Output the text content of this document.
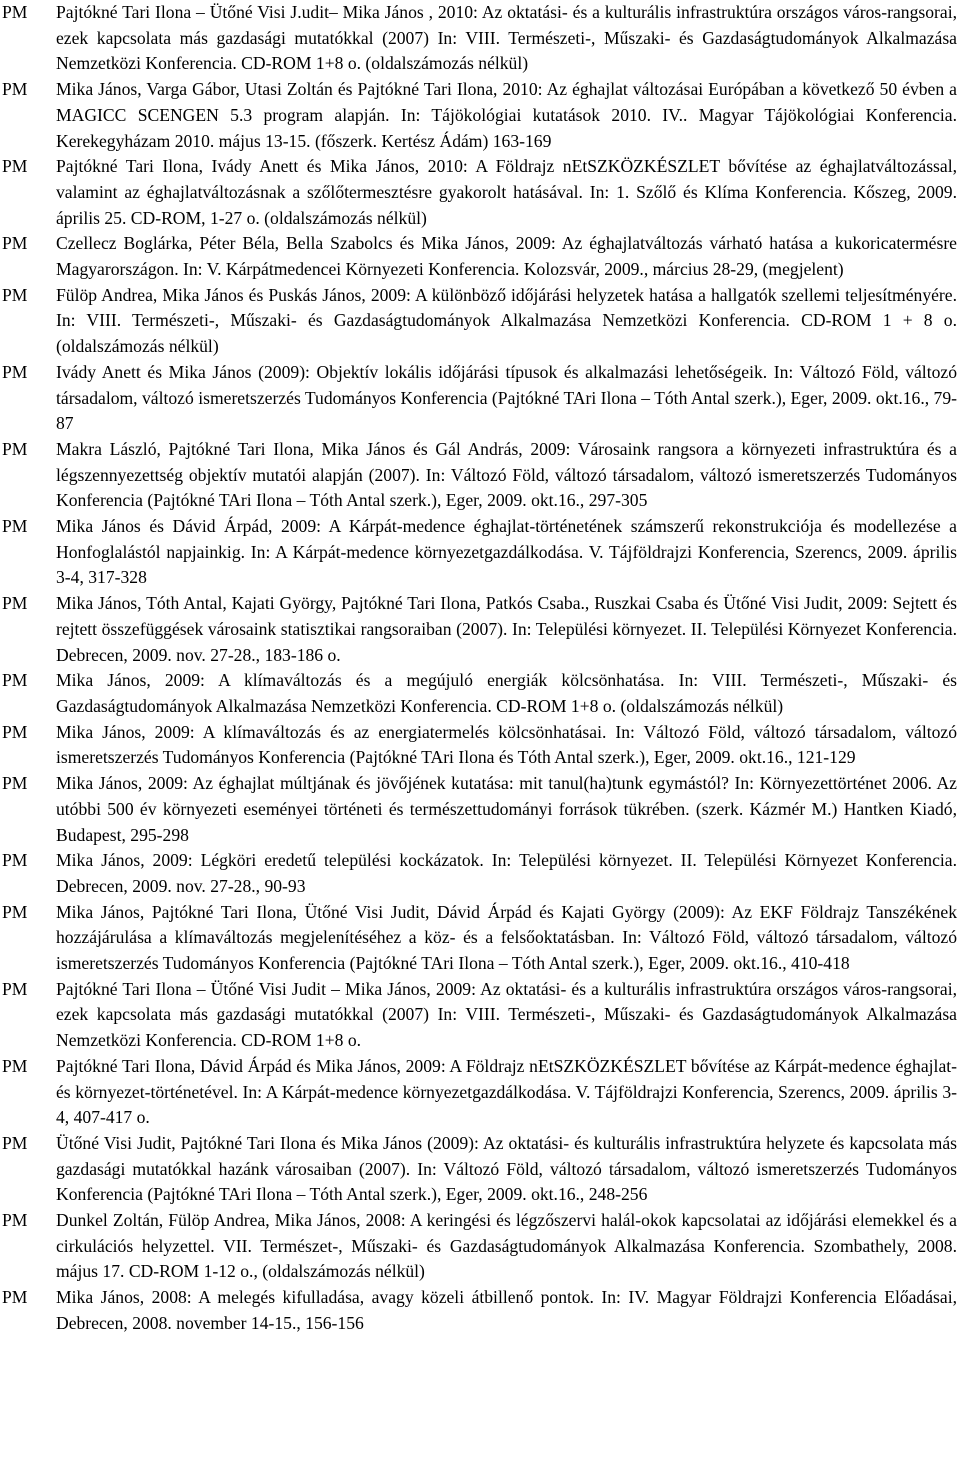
PM	Pajtókné Tari Ilona – Ütőné Visi J.udit– Mika János , 2010: Az oktatási- és a kulturális infrastruktúra országos város-rangsorai, ezek kapcsolata más gazdasági mutatókkal (2007) In: VIII. Természeti-, Műszaki- és Gazdaságtudományok Alkalmazása Nemzetközi Konferencia. CD-ROM 1+8 o. (oldalszámozás nélkül)
PM	Mika János, Varga Gábor, Utasi Zoltán és Pajtókné Tari Ilona, 2010: Az éghajlat változásai Európában a következő 50 évben a MAGICC SCENGEN 5.3 program alapján. In: Tájökológiai kutatások 2010. IV.. Magyar Tájökológiai Konferencia. Kerekegyházam 2010. május 13-15. (főszerk. Kertész Ádám) 163-169
PM	Pajtókné Tari Ilona, Ivády Anett és Mika János, 2010: A Földrajz nEtSZKÖZKÉSZLET bővítése az éghajlatváltozással, valamint az éghajlatváltozásnak a szőlőtermesztésre gyakorolt hatásával. In: 1. Szőlő és Klíma Konferencia. Kőszeg, 2009. április 25. CD-ROM, 1-27 o. (oldalszámozás nélkül)
PM	Czellecz Boglárka, Péter Béla, Bella Szabolcs és Mika János, 2009: Az éghajlatváltozás várható hatása a kukoricatermésre Magyarországon. In: V. Kárpátmedencei Környezeti Konferencia. Kolozsvár, 2009., március 28-29, (megjelent)
PM	Fülöp Andrea, Mika János és Puskás János, 2009: A különböző időjárási helyzetek hatása a hallgatók szellemi teljesítményére. In: VIII. Természeti-, Műszaki- és Gazdaságtudományok Alkalmazása Nemzetközi Konferencia. CD-ROM 1 + 8 o. (oldalszámozás nélkül)
PM	Ivády Anett és Mika János (2009): Objektív lokális időjárási típusok és alkalmazási lehetőségeik. In: Változó Föld, változó társadalom, változó ismeretszerzés Tudományos Konferencia (Pajtókné TAri Ilona – Tóth Antal szerk.), Eger, 2009. okt.16., 79-87
PM	Makra László, Pajtókné Tari Ilona, Mika János és Gál András, 2009: Városaink rangsora a környezeti infrastruktúra és a légszennyezettség objektív mutatói alapján (2007). In: Változó Föld, változó társadalom, változó ismeretszerzés Tudományos Konferencia (Pajtókné TAri Ilona – Tóth Antal szerk.), Eger, 2009. okt.16., 297-305
PM	Mika János és Dávid Árpád, 2009: A Kárpát-medence éghajlat-történetének számszerű rekonstrukciója és modellezése a Honfoglalástól napjainkig. In: A Kárpát-medence környezetgazdálkodása. V. Tájföldrajzi Konferencia, Szerencs, 2009. április 3-4, 317-328
PM	Mika János, Tóth Antal, Kajati György, Pajtókné Tari Ilona, Patkós Csaba., Ruszkai Csaba és Ütőné Visi Judit, 2009: Sejtett és rejtett összefüggések városaink statisztikai rangsoraiban (2007). In: Települési környezet. II. Települési Környezet Konferencia. Debrecen, 2009. nov. 27-28., 183-186 o.
PM	Mika János, 2009: A klímaváltozás és a megújuló energiák kölcsönhatása. In: VIII. Természeti-, Műszaki- és Gazdaságtudományok Alkalmazása Nemzetközi Konferencia. CD-ROM 1+8 o. (oldalszámozás nélkül)
PM	Mika János, 2009: A klímaváltozás és az energiatermelés kölcsönhatásai. In: Változó Föld, változó társadalom, változó ismeretszerzés Tudományos Konferencia (Pajtókné TAri Ilona és Tóth Antal szerk.), Eger, 2009. okt.16., 121-129
PM	Mika János, 2009: Az éghajlat múltjának és jövőjének kutatása: mit tanul(ha)tunk egymástól? In: Környezettörténet 2006. Az utóbbi 500 év környezeti eseményei történeti és természettudományi források tükrében. (szerk. Kázmér M.) Hantken Kiadó, Budapest, 295-298
PM	Mika János, 2009: Légköri eredetű települési kockázatok. In: Települési környezet. II. Települési Környezet Konferencia. Debrecen, 2009. nov. 27-28., 90-93
PM	Mika János, Pajtókné Tari Ilona, Ütőné Visi Judit, Dávid Árpád és Kajati György (2009): Az EKF Földrajz Tanszékének hozzájárulása a klímaváltozás megjelenítéséhez a köz- és a felsőoktatásban. In: Változó Föld, változó társadalom, változó ismeretszerzés Tudományos Konferencia (Pajtókné TAri Ilona – Tóth Antal szerk.), Eger, 2009. okt.16., 410-418
PM	Pajtókné Tari Ilona – Ütőné Visi Judit – Mika János, 2009: Az oktatási- és a kulturális infrastruktúra országos város-rangsorai, ezek kapcsolata más gazdasági mutatókkal (2007) In: VIII. Természeti-, Műszaki- és Gazdaságtudományok Alkalmazása Nemzetközi Konferencia. CD-ROM 1+8 o.
PM	Pajtókné Tari Ilona, Dávid Árpád és Mika János, 2009: A Földrajz nEtSZKÖZKÉSZLET bővítése az Kárpát-medence éghajlat- és környezet-történetével. In: A Kárpát-medence környezetgazdálkodása. V. Tájföldrajzi Konferencia, Szerencs, 2009. április 3-4, 407-417 o.
PM	Ütőné Visi Judit, Pajtókné Tari Ilona és Mika János (2009): Az oktatási- és kulturális infrastruktúra helyzete és kapcsolata más gazdasági mutatókkal hazánk városaiban (2007). In: Változó Föld, változó társadalom, változó ismeretszerzés Tudományos Konferencia (Pajtókné TAri Ilona – Tóth Antal szerk.), Eger, 2009. okt.16., 248-256
PM	Dunkel Zoltán, Fülöp Andrea, Mika János, 2008: A keringési és légzőszervi halál-okok kapcsolatai az időjárási elemekkel és a cirkulációs helyzettel. VII. Természet-, Műszaki- és Gazdaságtudományok Alkalmazása Konferencia. Szombathely, 2008. május 17. CD-ROM 1-12 o., (oldalszámozás nélkül)
PM	Mika János, 2008: A melegés kifulladása, avagy közeli átbillenő pontok. In: IV. Magyar Földrajzi Konferencia Előadásai, Debrecen, 2008. november 14-15., 156-156
